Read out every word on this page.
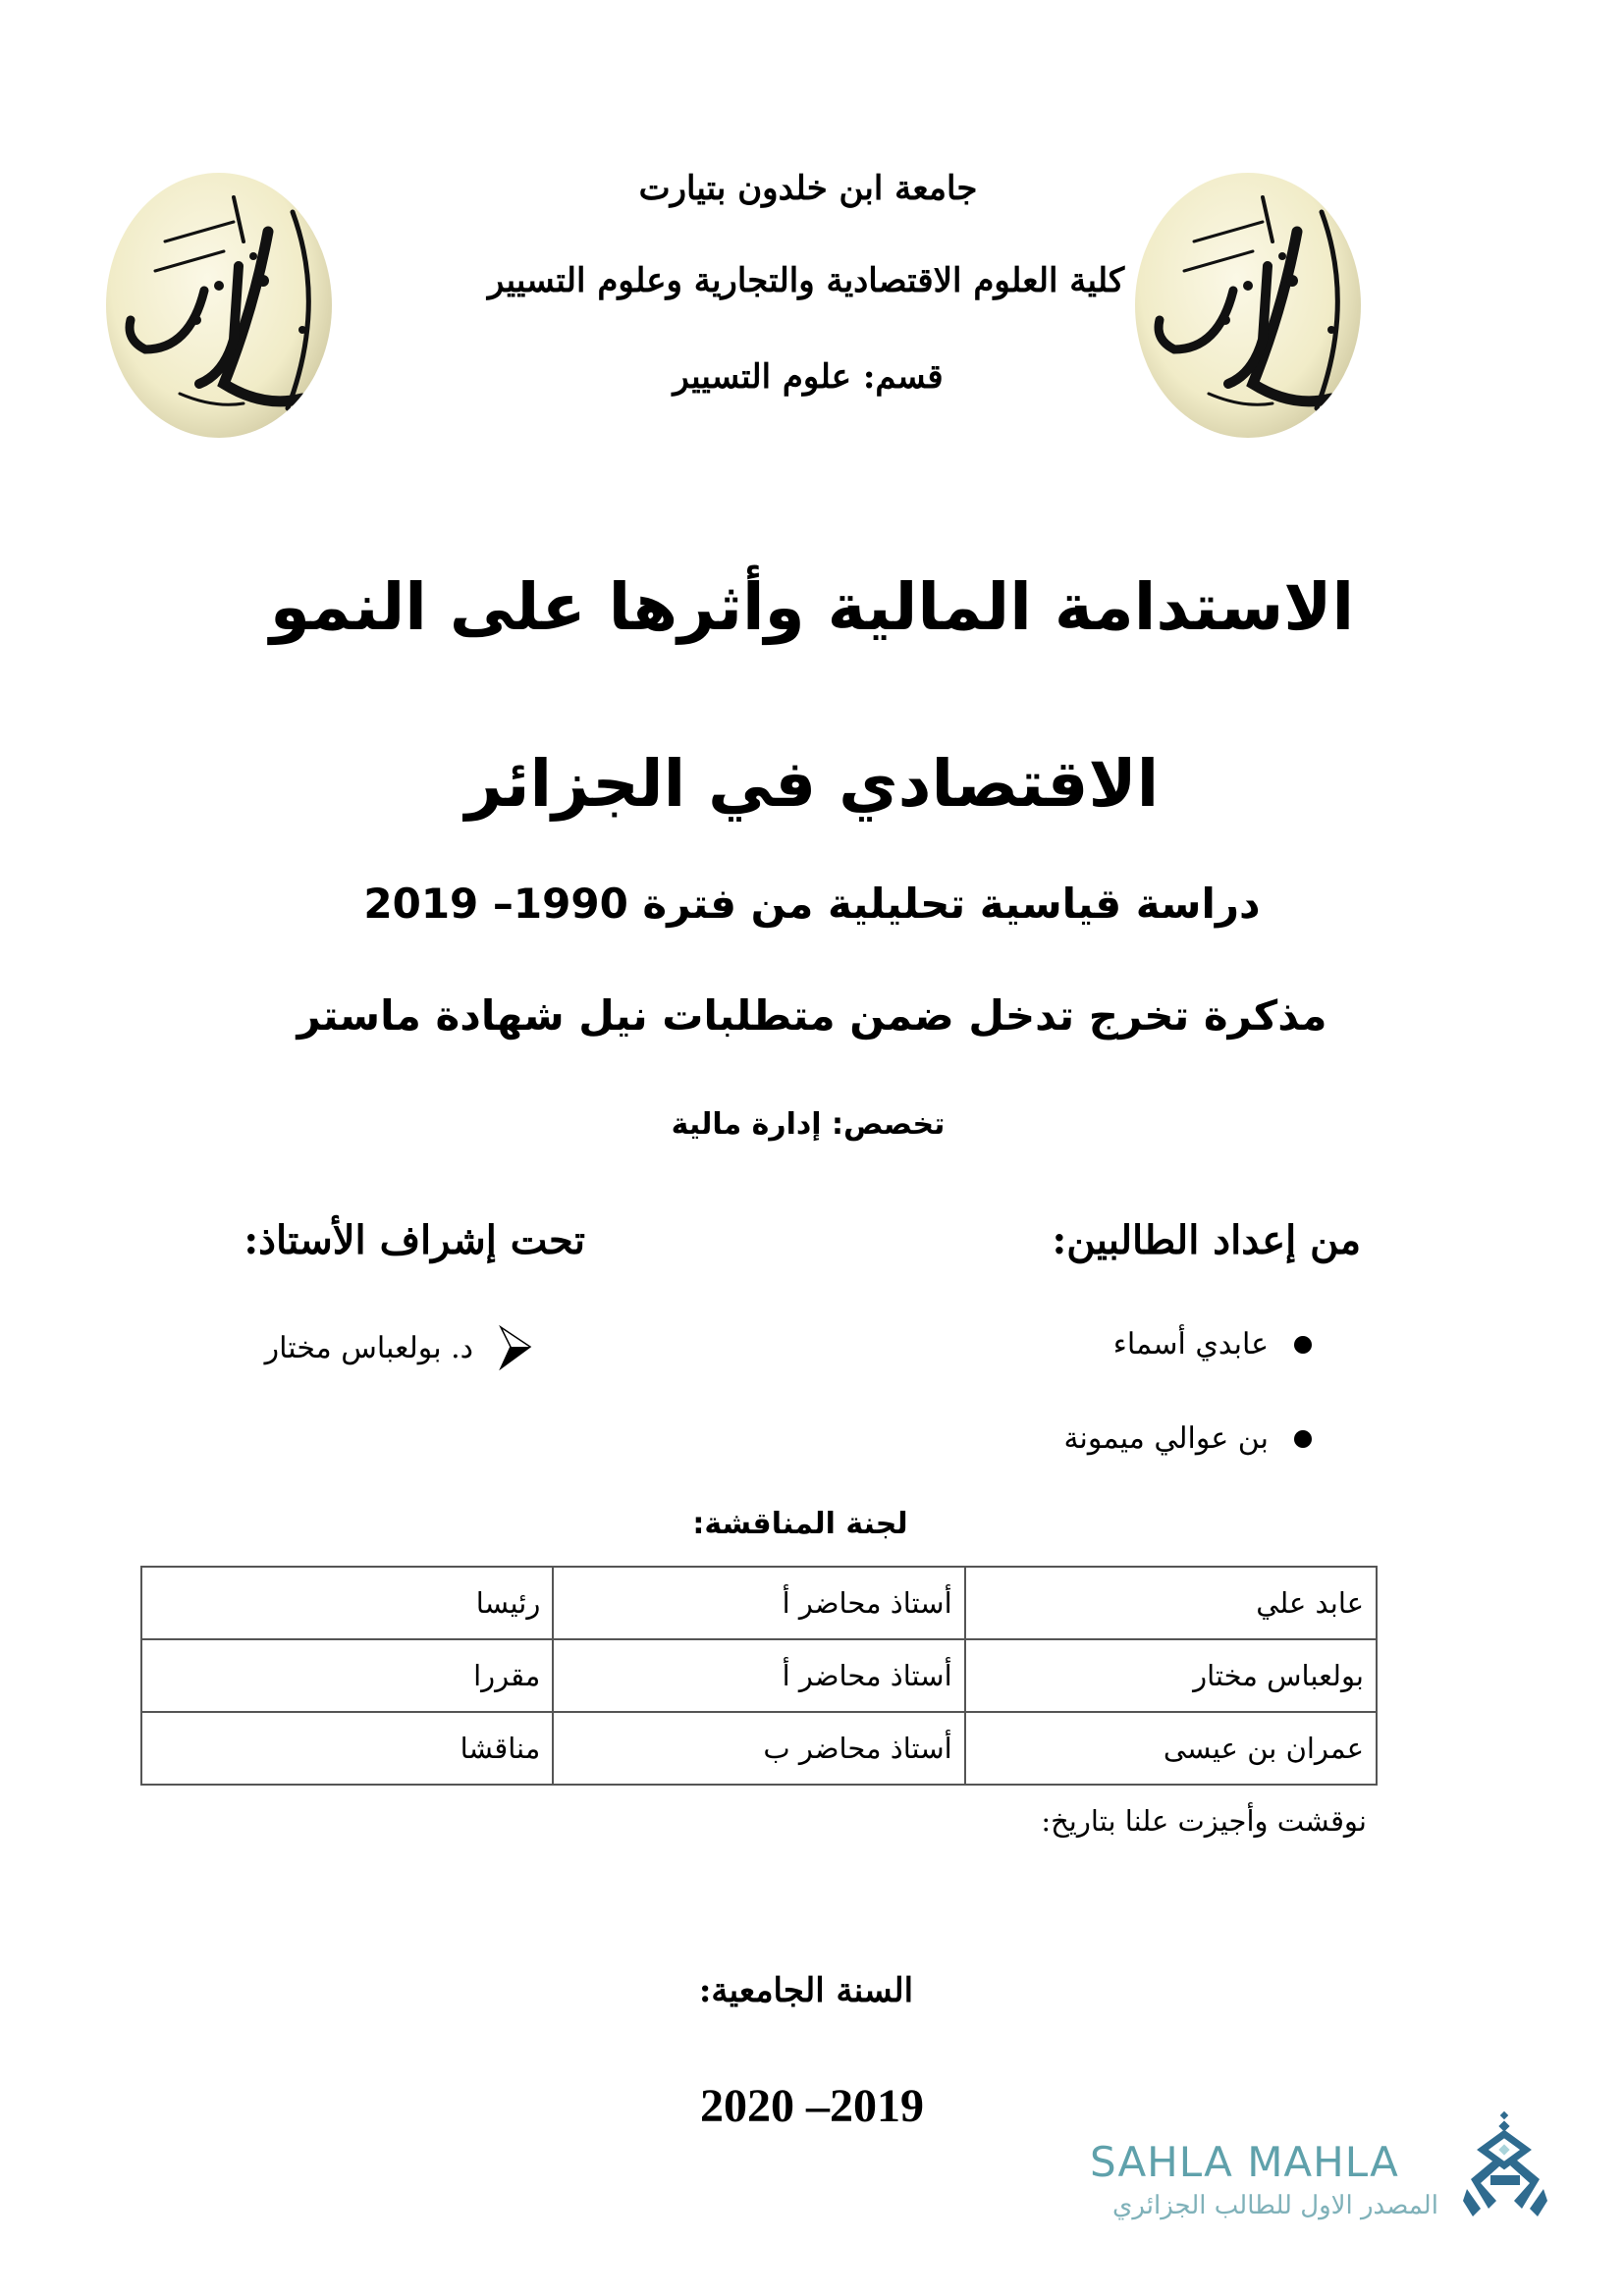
جامعة ابن خلدون بتيارت
كلية العلوم الاقتصادية والتجارية وعلوم التسيير
قسم: علوم التسيير
الاستدامة المالية وأثرها على النمو
الاقتصادي في الجزائر
دراسة قياسية تحليلية من فترة 1990– 2019
مذكرة تخرج تدخل ضمن متطلبات نيل شهادة ماستر
تخصص: إدارة مالية
من إعداد الطالبين:
عابدي أسماء
بن عوالي ميمونة
تحت إشراف الأستاذ:
د. بولعباس مختار
لجنة المناقشة:
عابد علي	أستاذ محاضر أ	رئيسا
بولعباس مختار	أستاذ محاضر أ	مقررا
عمران بن عيسى	أستاذ محاضر ب	مناقشا
نوقشت وأجيزت علنا بتاريخ:
السنة الجامعية:
2020 –2019
SAHLA MAHLA
المصدر الاول للطالب الجزائري
